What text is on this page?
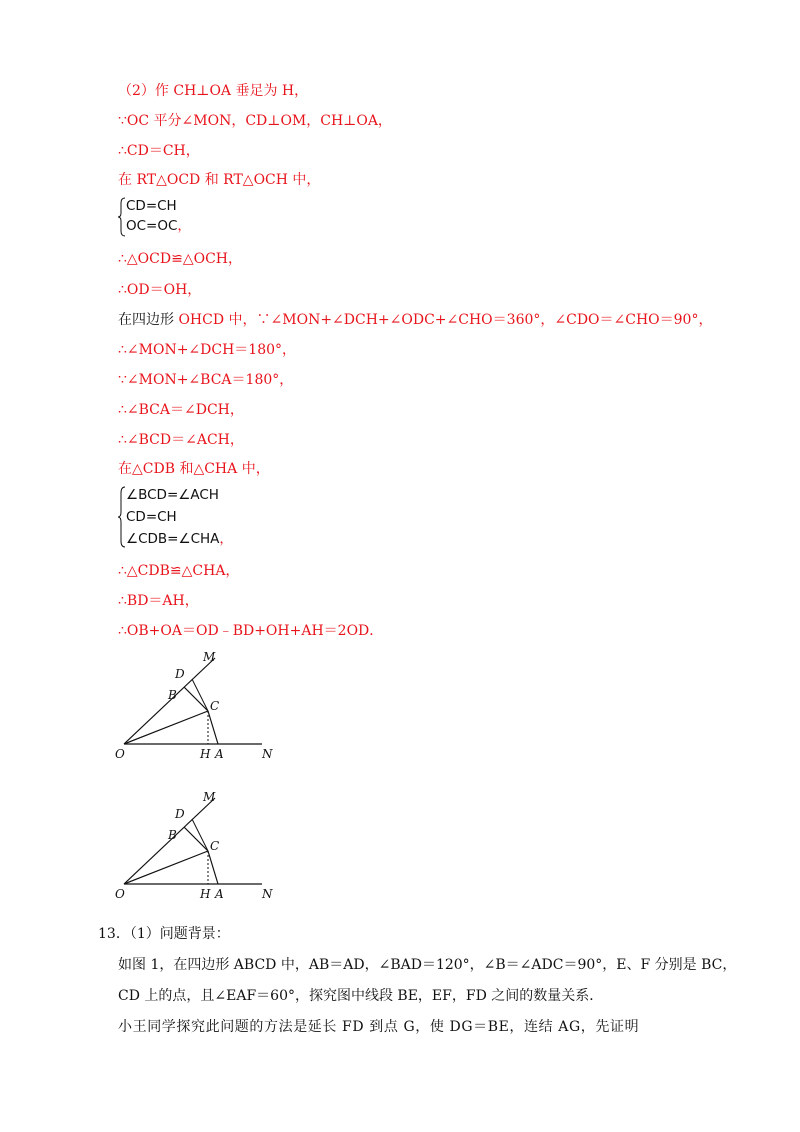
（2）作 CH⊥OA 垂足为 H，
∵OC 平分∠MON，CD⊥OM，CH⊥OA，
∴CD＝CH，
在 RT△OCD 和 RT△OCH 中，
CD=CH
OC=OC，
∴△OCD≌△OCH，
∴OD＝OH，
在四边形 OHCD 中，∵∠MON+∠DCH+∠ODC+∠CHO＝360°，∠CDO＝∠CHO＝90°，
∴∠MON+∠DCH＝180°，
∵∠MON+∠BCA＝180°，
∴∠BCA＝∠DCH，
∴∠BCD＝∠ACH，
在△CDB 和△CHA 中，
∠BCD=∠ACH
CD=CH
∠CDB=∠CHA，
∴△CDB≌△CHA，
∴BD＝AH，
∴OB+OA＝OD﹣BD+OH+AH＝2OD．
M
D
B
C
O	H A	N
M
D
B
C
O	H A	N
13．（1）问题背景：
如图 1，在四边形 ABCD 中，AB＝AD，∠BAD＝120°，∠B＝∠ADC＝90°，E、F 分别是 BC，
CD 上的点，且∠EAF＝60°，探究图中线段 BE，EF，FD 之间的数量关系．
小王同学探究此问题的方法是延长 FD 到点 G，使 DG＝BE，连结 AG，先证明
